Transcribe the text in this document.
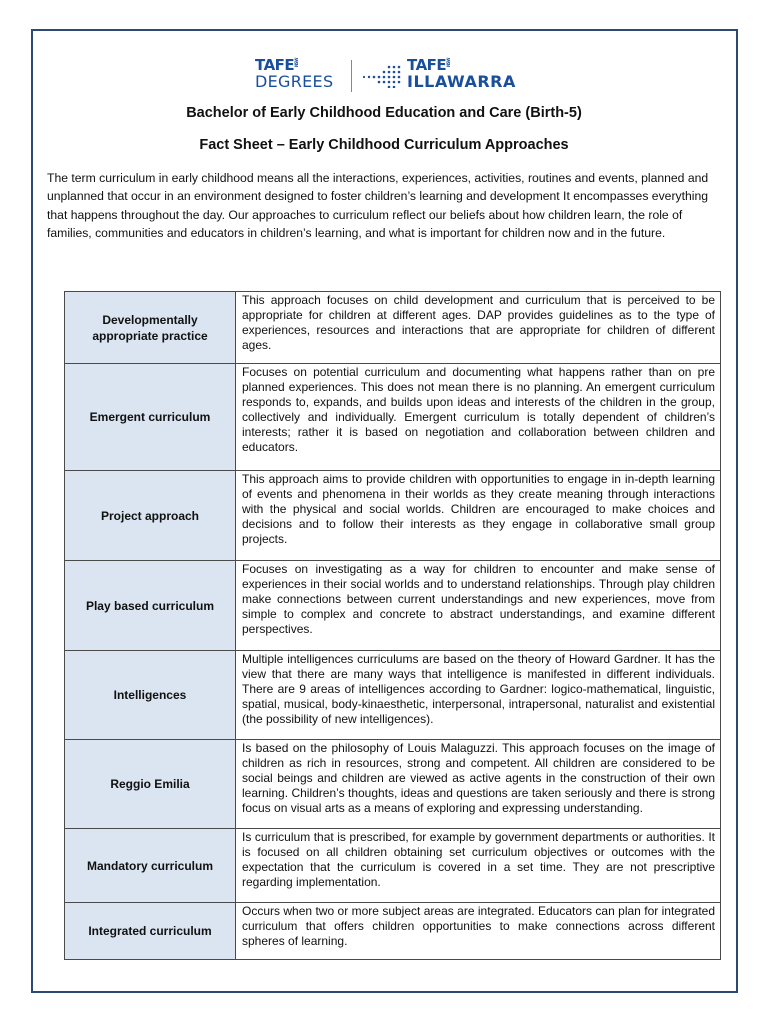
TAFENSW
DEGREES
TAFENSW
ILLAWARRA
Bachelor of Early Childhood Education and Care (Birth-5)
Fact Sheet – Early Childhood Curriculum Approaches
The term curriculum in early childhood means all the interactions, experiences, activities, routines and events, planned and unplanned that occur in an environment designed to foster children’s learning and development It encompasses everything that happens throughout the day. Our approaches to curriculum reflect our beliefs about how children learn, the role of families, communities and educators in children’s learning, and what is important for children now and in the future.
Developmentally appropriate practice	This approach focuses on child development and curriculum that is perceived to be appropriate for children at different ages. DAP provides guidelines as to the type of experiences, resources and interactions that are appropriate for children of different ages.
Emergent curriculum	Focuses on potential curriculum and documenting what happens rather than on pre planned experiences. This does not mean there is no planning. An emergent curriculum responds to, expands, and builds upon ideas and interests of the children in the group, collectively and individually. Emergent curriculum is totally dependent of children’s interests; rather it is based on negotiation and collaboration between children and educators.
Project approach	This approach aims to provide children with opportunities to engage in in-depth learning of events and phenomena in their worlds as they create meaning through interactions with the physical and social worlds. Children are encouraged to make choices and decisions and to follow their interests as they engage in collaborative small group projects.
Play based curriculum	Focuses on investigating as a way for children to encounter and make sense of experiences in their social worlds and to understand relationships. Through play children make connections between current understandings and new experiences, move from simple to complex and concrete to abstract understandings, and examine different perspectives.
Intelligences	Multiple intelligences curriculums are based on the theory of Howard Gardner. It has the view that there are many ways that intelligence is manifested in different individuals. There are 9 areas of intelligences according to Gardner: logico-mathematical, linguistic, spatial, musical, body-kinaesthetic, interpersonal, intrapersonal, naturalist and existential (the possibility of new intelligences).
Reggio Emilia	Is based on the philosophy of Louis Malaguzzi. This approach focuses on the image of children as rich in resources, strong and competent. All children are considered to be social beings and children are viewed as active agents in the construction of their own learning. Children’s thoughts, ideas and questions are taken seriously and there is strong focus on visual arts as a means of exploring and expressing understanding.
Mandatory curriculum	Is curriculum that is prescribed, for example by government departments or authorities. It is focused on all children obtaining set curriculum objectives or outcomes with the expectation that the curriculum is covered in a set time. They are not prescriptive regarding implementation.
Integrated curriculum	Occurs when two or more subject areas are integrated. Educators can plan for integrated curriculum that offers children opportunities to make connections across different spheres of learning.
